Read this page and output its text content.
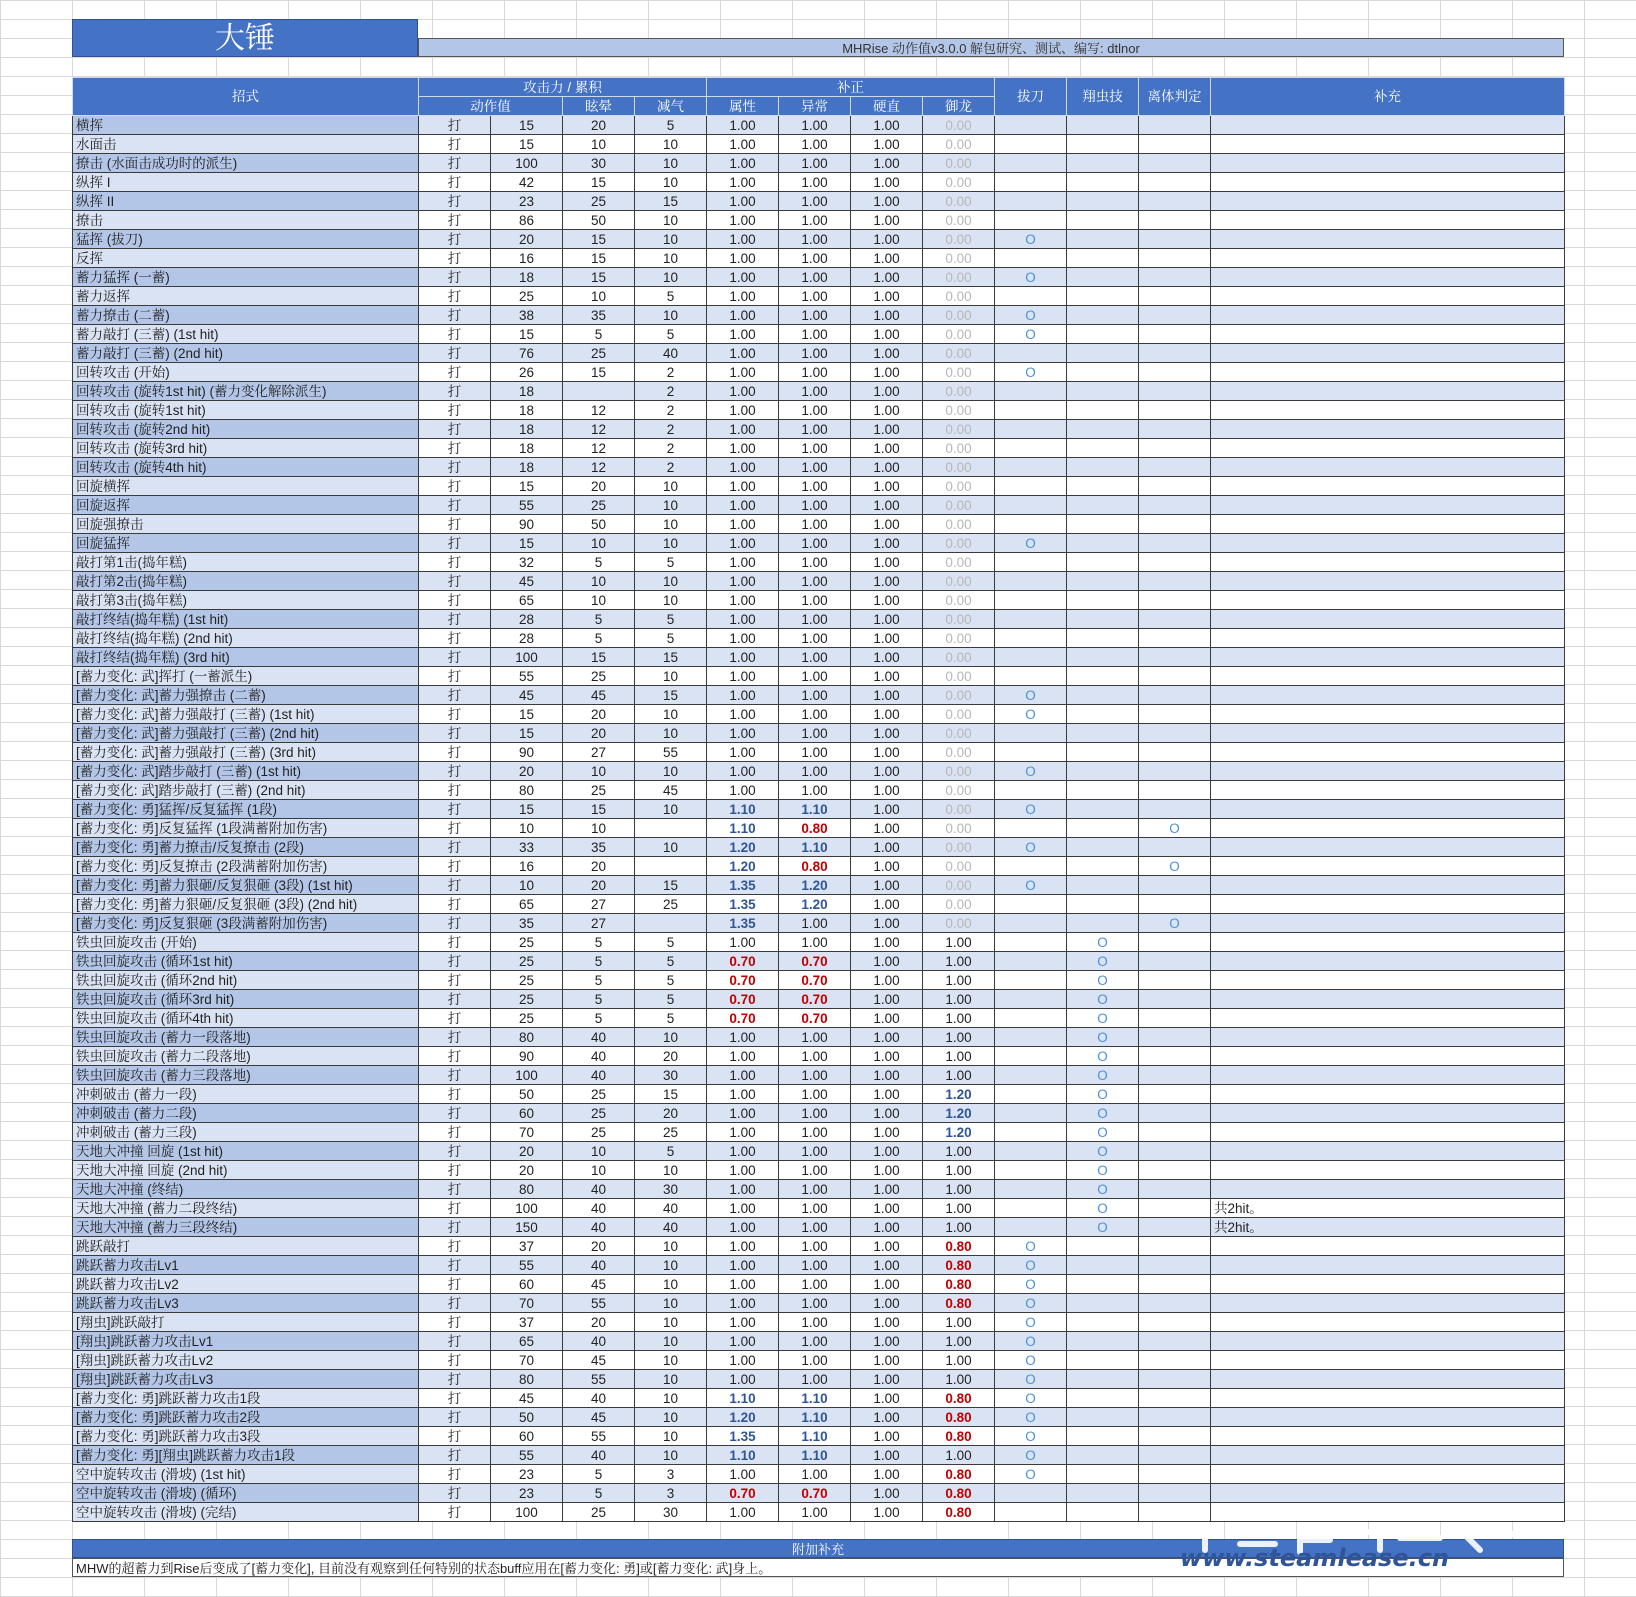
大锤	MHRise 动作值v3.0.0 解包研究、测试、编写: dtlnor
招式	攻击力 / 累积				补正				拔刀	翔虫技	离体判定	补充
	动作值		眩晕	减气	属性	异常	硬直	御龙				
横挥	打	15	20	5	1.00	1.00	1.00	0.00				
水面击	打	15	10	10	1.00	1.00	1.00	0.00				
撩击 (水面击成功时的派生)	打	100	30	10	1.00	1.00	1.00	0.00				
纵挥 I	打	42	15	10	1.00	1.00	1.00	0.00				
纵挥 II	打	23	25	15	1.00	1.00	1.00	0.00				
撩击	打	86	50	10	1.00	1.00	1.00	0.00				
猛挥 (拔刀)	打	20	15	10	1.00	1.00	1.00	0.00	O			
反挥	打	16	15	10	1.00	1.00	1.00	0.00				
蓄力猛挥 (一蓄)	打	18	15	10	1.00	1.00	1.00	0.00	O			
蓄力返挥	打	25	10	5	1.00	1.00	1.00	0.00				
蓄力撩击 (二蓄)	打	38	35	10	1.00	1.00	1.00	0.00	O			
蓄力敲打 (三蓄) (1st hit)	打	15	5	5	1.00	1.00	1.00	0.00	O			
蓄力敲打 (三蓄) (2nd hit)	打	76	25	40	1.00	1.00	1.00	0.00				
回转攻击 (开始)	打	26	15	2	1.00	1.00	1.00	0.00	O			
回转攻击 (旋转1st hit) (蓄力变化解除派生)	打	18		2	1.00	1.00	1.00	0.00				
回转攻击 (旋转1st hit)	打	18	12	2	1.00	1.00	1.00	0.00				
回转攻击 (旋转2nd hit)	打	18	12	2	1.00	1.00	1.00	0.00				
回转攻击 (旋转3rd hit)	打	18	12	2	1.00	1.00	1.00	0.00				
回转攻击 (旋转4th hit)	打	18	12	2	1.00	1.00	1.00	0.00				
回旋横挥	打	15	20	10	1.00	1.00	1.00	0.00				
回旋返挥	打	55	25	10	1.00	1.00	1.00	0.00				
回旋强撩击	打	90	50	10	1.00	1.00	1.00	0.00				
回旋猛挥	打	15	10	10	1.00	1.00	1.00	0.00	O			
敲打第1击(捣年糕)	打	32	5	5	1.00	1.00	1.00	0.00				
敲打第2击(捣年糕)	打	45	10	10	1.00	1.00	1.00	0.00				
敲打第3击(捣年糕)	打	65	10	10	1.00	1.00	1.00	0.00				
敲打终结(捣年糕) (1st hit)	打	28	5	5	1.00	1.00	1.00	0.00				
敲打终结(捣年糕) (2nd hit)	打	28	5	5	1.00	1.00	1.00	0.00				
敲打终结(捣年糕) (3rd hit)	打	100	15	15	1.00	1.00	1.00	0.00				
[蓄力变化: 武]挥打 (一蓄派生)	打	55	25	10	1.00	1.00	1.00	0.00				
[蓄力变化: 武]蓄力强撩击 (二蓄)	打	45	45	15	1.00	1.00	1.00	0.00	O			
[蓄力变化: 武]蓄力强敲打 (三蓄) (1st hit)	打	15	20	10	1.00	1.00	1.00	0.00	O			
[蓄力变化: 武]蓄力强敲打 (三蓄) (2nd hit)	打	15	20	10	1.00	1.00	1.00	0.00				
[蓄力变化: 武]蓄力强敲打 (三蓄) (3rd hit)	打	90	27	55	1.00	1.00	1.00	0.00				
[蓄力变化: 武]踏步敲打 (三蓄) (1st hit)	打	20	10	10	1.00	1.00	1.00	0.00	O			
[蓄力变化: 武]踏步敲打 (三蓄) (2nd hit)	打	80	25	45	1.00	1.00	1.00	0.00				
[蓄力变化: 勇]猛挥/反复猛挥 (1段)	打	15	15	10	1.10	1.10	1.00	0.00	O			
[蓄力变化: 勇]反复猛挥 (1段满蓄附加伤害)	打	10	10		1.10	0.80	1.00	0.00			O	
[蓄力变化: 勇]蓄力撩击/反复撩击 (2段)	打	33	35	10	1.20	1.10	1.00	0.00	O			
[蓄力变化: 勇]反复撩击 (2段满蓄附加伤害)	打	16	20		1.20	0.80	1.00	0.00			O	
[蓄力变化: 勇]蓄力狠砸/反复狠砸 (3段) (1st hit)	打	10	20	15	1.35	1.20	1.00	0.00	O			
[蓄力变化: 勇]蓄力狠砸/反复狠砸 (3段) (2nd hit)	打	65	27	25	1.35	1.20	1.00	0.00				
[蓄力变化: 勇]反复狠砸 (3段满蓄附加伤害)	打	35	27		1.35	1.00	1.00	0.00			O	
铁虫回旋攻击 (开始)	打	25	5	5	1.00	1.00	1.00	1.00		O		
铁虫回旋攻击 (循环1st hit)	打	25	5	5	0.70	0.70	1.00	1.00		O		
铁虫回旋攻击 (循环2nd hit)	打	25	5	5	0.70	0.70	1.00	1.00		O		
铁虫回旋攻击 (循环3rd hit)	打	25	5	5	0.70	0.70	1.00	1.00		O		
铁虫回旋攻击 (循环4th hit)	打	25	5	5	0.70	0.70	1.00	1.00		O		
铁虫回旋攻击 (蓄力一段落地)	打	80	40	10	1.00	1.00	1.00	1.00		O		
铁虫回旋攻击 (蓄力二段落地)	打	90	40	20	1.00	1.00	1.00	1.00		O		
铁虫回旋攻击 (蓄力三段落地)	打	100	40	30	1.00	1.00	1.00	1.00		O		
冲刺破击 (蓄力一段)	打	50	25	15	1.00	1.00	1.00	1.20		O		
冲刺破击 (蓄力二段)	打	60	25	20	1.00	1.00	1.00	1.20		O		
冲刺破击 (蓄力三段)	打	70	25	25	1.00	1.00	1.00	1.20		O		
天地大冲撞 回旋 (1st hit)	打	20	10	5	1.00	1.00	1.00	1.00		O		
天地大冲撞 回旋 (2nd hit)	打	20	10	10	1.00	1.00	1.00	1.00		O		
天地大冲撞 (终结)	打	80	40	30	1.00	1.00	1.00	1.00		O		
天地大冲撞 (蓄力二段终结)	打	100	40	40	1.00	1.00	1.00	1.00		O		共2hit。
天地大冲撞 (蓄力三段终结)	打	150	40	40	1.00	1.00	1.00	1.00		O		共2hit。
跳跃敲打	打	37	20	10	1.00	1.00	1.00	0.80	O			
跳跃蓄力攻击Lv1	打	55	40	10	1.00	1.00	1.00	0.80	O			
跳跃蓄力攻击Lv2	打	60	45	10	1.00	1.00	1.00	0.80	O			
跳跃蓄力攻击Lv3	打	70	55	10	1.00	1.00	1.00	0.80	O			
[翔虫]跳跃敲打	打	37	20	10	1.00	1.00	1.00	1.00	O			
[翔虫]跳跃蓄力攻击Lv1	打	65	40	10	1.00	1.00	1.00	1.00	O			
[翔虫]跳跃蓄力攻击Lv2	打	70	45	10	1.00	1.00	1.00	1.00	O			
[翔虫]跳跃蓄力攻击Lv3	打	80	55	10	1.00	1.00	1.00	1.00	O			
[蓄力变化: 勇]跳跃蓄力攻击1段	打	45	40	10	1.10	1.10	1.00	0.80	O			
[蓄力变化: 勇]跳跃蓄力攻击2段	打	50	45	10	1.20	1.10	1.00	0.80	O			
[蓄力变化: 勇]跳跃蓄力攻击3段	打	60	55	10	1.35	1.10	1.00	0.80	O			
[蓄力变化: 勇][翔虫]跳跃蓄力攻击1段	打	55	40	10	1.10	1.10	1.00	1.00	O			
空中旋转攻击 (滑坡) (1st hit)	打	23	5	3	1.00	1.00	1.00	0.80	O			
空中旋转攻击 (滑坡) (循环)	打	23	5	3	0.70	0.70	1.00	0.80				
空中旋转攻击 (滑坡) (完结)	打	100	25	30	1.00	1.00	1.00	0.80				
附加补充
MHW的超蓄力到Rise后变成了[蓄力变化], 目前没有观察到任何特别的状态buff应用在[蓄力变化: 勇]或[蓄力变化: 武]身上。	www.steamlease.cn
